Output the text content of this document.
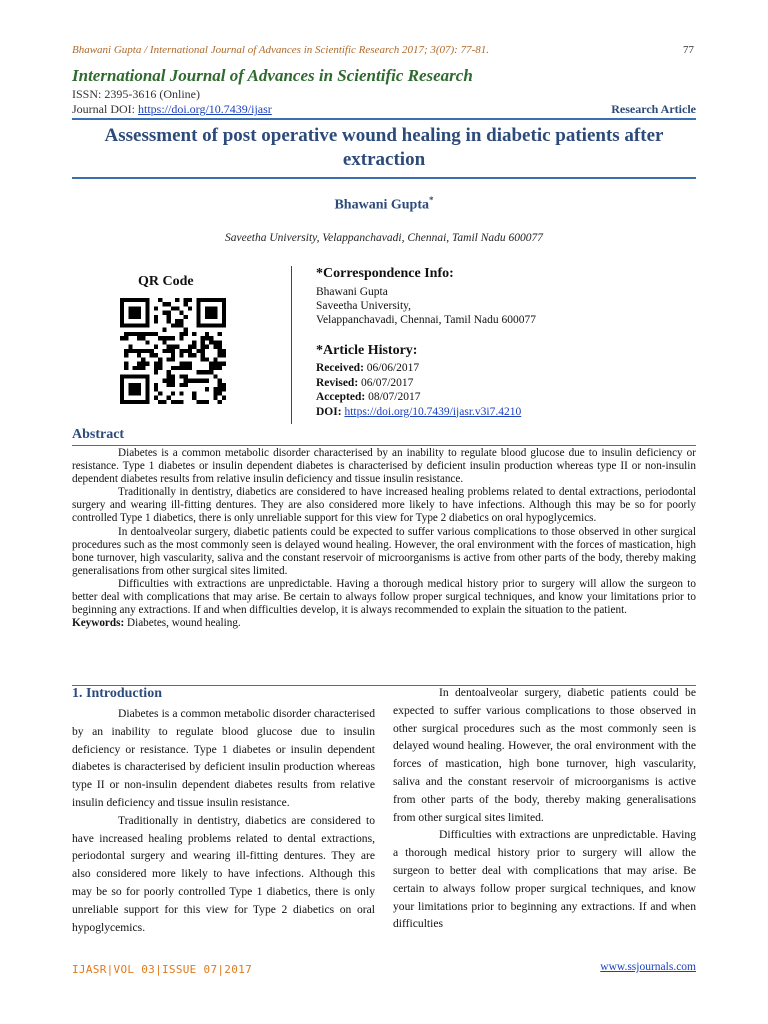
Bhawani Gupta / International Journal of Advances in Scientific Research 2017; 3(07): 77-81.	77
International Journal of Advances in Scientific Research
ISSN: 2395-3616 (Online)
Journal DOI: https://doi.org/10.7439/ijasr	Research Article
Assessment of post operative wound healing in diabetic patients after extraction
Bhawani Gupta*
Saveetha University, Velappanchavadi, Chennai, Tamil Nadu 600077
QR Code
*Correspondence Info:
Bhawani Gupta
Saveetha University,
Velappanchavadi, Chennai, Tamil Nadu 600077
*Article History:
Received: 06/06/2017
Revised: 06/07/2017
Accepted: 08/07/2017
DOI: https://doi.org/10.7439/ijasr.v3i7.4210
Abstract

Diabetes is a common metabolic disorder characterised by an inability to regulate blood glucose due to insulin deficiency or resistance. Type 1 diabetes or insulin dependent diabetes is characterised by deficient insulin production whereas type II or non-insulin dependent diabetes results from relative insulin deficiency and tissue insulin resistance.

Traditionally in dentistry, diabetics are considered to have increased healing problems related to dental extractions, periodontal surgery and wearing ill-fitting dentures. They are also considered more likely to have infections. Although this may be so for poorly controlled Type 1 diabetics, there is only unreliable support for this view for Type 2 diabetics on oral hypoglycemics.

In dentoalveolar surgery, diabetic patients could be expected to suffer various complications to those observed in other surgical procedures such as the most commonly seen is delayed wound healing. However, the oral environment with the forces of mastication, high bone turnover, high vascularity, saliva and the constant reservoir of microorganisms is active from other parts of the body, thereby making generalisations from other surgical sites limited.

Difficulties with extractions are unpredictable. Having a thorough medical history prior to surgery will allow the surgeon to better deal with complications that may arise. Be certain to always follow proper surgical techniques, and know your limitations prior to beginning any extractions. If and when difficulties develop, it is always recommended to explain the situation to the patient.

Keywords: Diabetes, wound healing.

1. Introduction

Diabetes is a common metabolic disorder characterised by an inability to regulate blood glucose due to insulin deficiency or resistance. Type 1 diabetes or insulin dependent diabetes is characterised by deficient insulin production whereas type II or non-insulin dependent diabetes results from relative insulin deficiency and tissue insulin resistance.

Traditionally in dentistry, diabetics are considered to have increased healing problems related to dental extractions, periodontal surgery and wearing ill-fitting dentures. They are also considered more likely to have infections. Although this may be so for poorly controlled Type 1 diabetics, there is only unreliable support for this view for Type 2 diabetics on oral hypoglycemics.

In dentoalveolar surgery, diabetic patients could be expected to suffer various complications to those observed in other surgical procedures such as the most commonly seen is delayed wound healing. However, the oral environment with the forces of mastication, high bone turnover, high vascularity, saliva and the constant reservoir of microorganisms is active from other parts of the body, thereby making generalisations from other surgical sites limited.

Difficulties with extractions are unpredictable. Having a thorough medical history prior to surgery will allow the surgeon to better deal with complications that may arise. Be certain to always follow proper surgical techniques, and know your limitations prior to beginning any extractions. If and when difficulties

IJASR|VOL 03|ISSUE 07|2017	www.ssjournals.com
